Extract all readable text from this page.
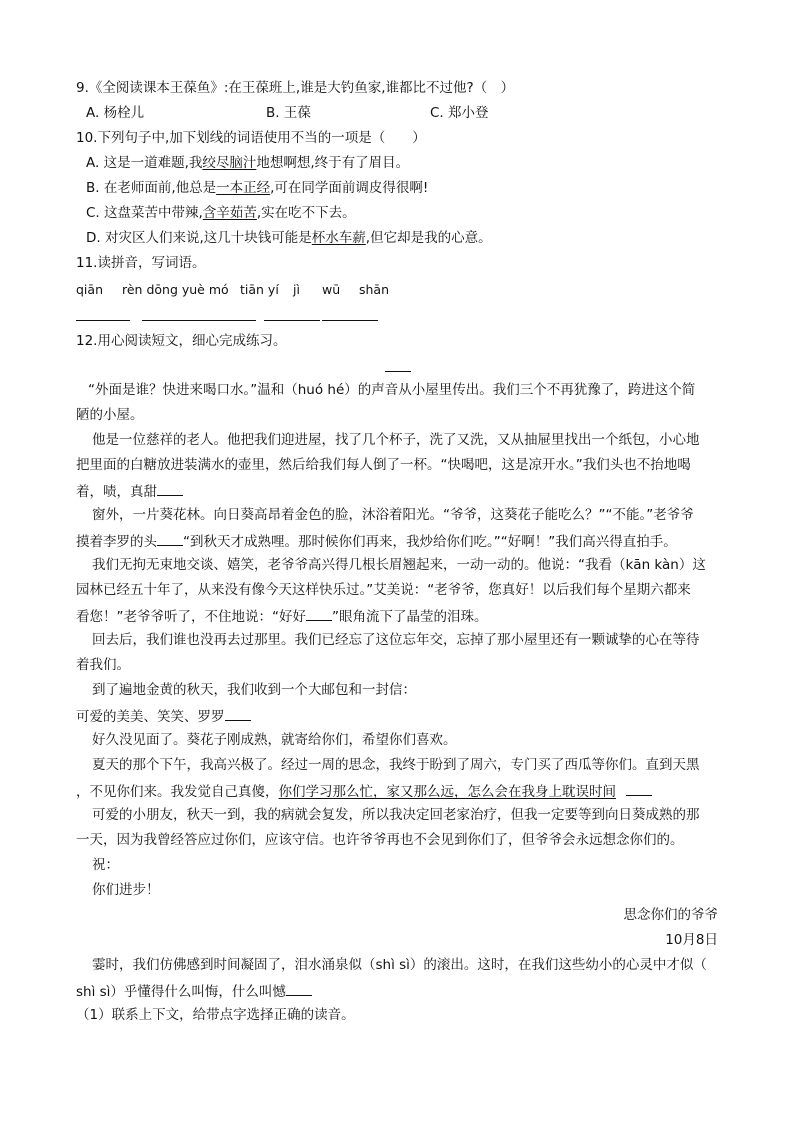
9.《全阅读课本王葆鱼》:在王葆班上,谁是大钓鱼家,谁都比不过他?（　）
A. 杨栓儿	B. 王葆	C. 郑小登
10.下列句子中,加下划线的词语使用不当的一项是（　　）
A. 这是一道难题,我绞尽脑汁地想啊想,终于有了眉目。
B. 在老师面前,他总是一本正经,可在同学面前调皮得很啊!
C. 这盘菜苦中带辣,含辛茹苦,实在吃不下去。
D. 对灾区人们来说,这几十块钱可能是杯水车薪,但它却是我的心意。
11.读拼音，写词语。
qiān rèn dōng yuè mó tiān yí jì wū shān
12.用心阅读短文，细心完成练习。
“外面是谁？快进来喝口水。”温和（huó hé）的声音从小屋里传出。我们三个不再犹豫了，跨进这个简
陋的小屋。
他是一位慈祥的老人。他把我们迎进屋，找了几个杯子，洗了又洗，又从抽屉里找出一个纸包，小心地
把里面的白糖放进装满水的壶里，然后给我们每人倒了一杯。“快喝吧，这是凉开水。”我们头也不抬地喝
着，啧，真甜
窗外，一片葵花林。向日葵高昂着金色的脸，沐浴着阳光。“爷爷，这葵花子能吃么？”“不能。”老爷爷
摸着李罗的头 “到秋天才成熟哩。那时候你们再来，我炒给你们吃。”“好啊！”我们高兴得直拍手。
我们无拘无束地交谈、嬉笑，老爷爷高兴得几根长眉翘起来，一动一动的。他说：“我看（kān kàn）这
园林已经五十年了，从来没有像今天这样快乐过。”艾美说：“老爷爷，您真好！以后我们每个星期六都来
看您！”老爷爷听了，不住地说：“好好 ”眼角流下了晶莹的泪珠。
回去后，我们谁也没再去过那里。我们已经忘了这位忘年交，忘掉了那小屋里还有一颗诚挚的心在等待
着我们。
到了遍地金黄的秋天，我们收到一个大邮包和一封信：
可爱的美美、笑笑、罗罗
好久没见面了。葵花子刚成熟，就寄给你们，希望你们喜欢。
夏天的那个下午，我高兴极了。经过一周的思念，我终于盼到了周六，专门买了西瓜等你们。直到天黑
，不见你们来。我发觉自己真傻，你们学习那么忙，家又那么远，怎么会在我身上耽误时间
可爱的小朋友，秋天一到，我的病就会复发，所以我决定回老家治疗，但我一定要等到向日葵成熟的那
一天，因为我曾经答应过你们，应该守信。也许爷爷再也不会见到你们了，但爷爷会永远想念你们的。
祝：
你们进步！
思念你们的爷爷
10月8日
霎时，我们仿佛感到时间凝固了，泪水涌泉似（shì sì）的滚出。这时，在我们这些幼小的心灵中才似（
shì sì）乎懂得什么叫悔，什么叫憾
（1）联系上下文，给带点字选择正确的读音。
